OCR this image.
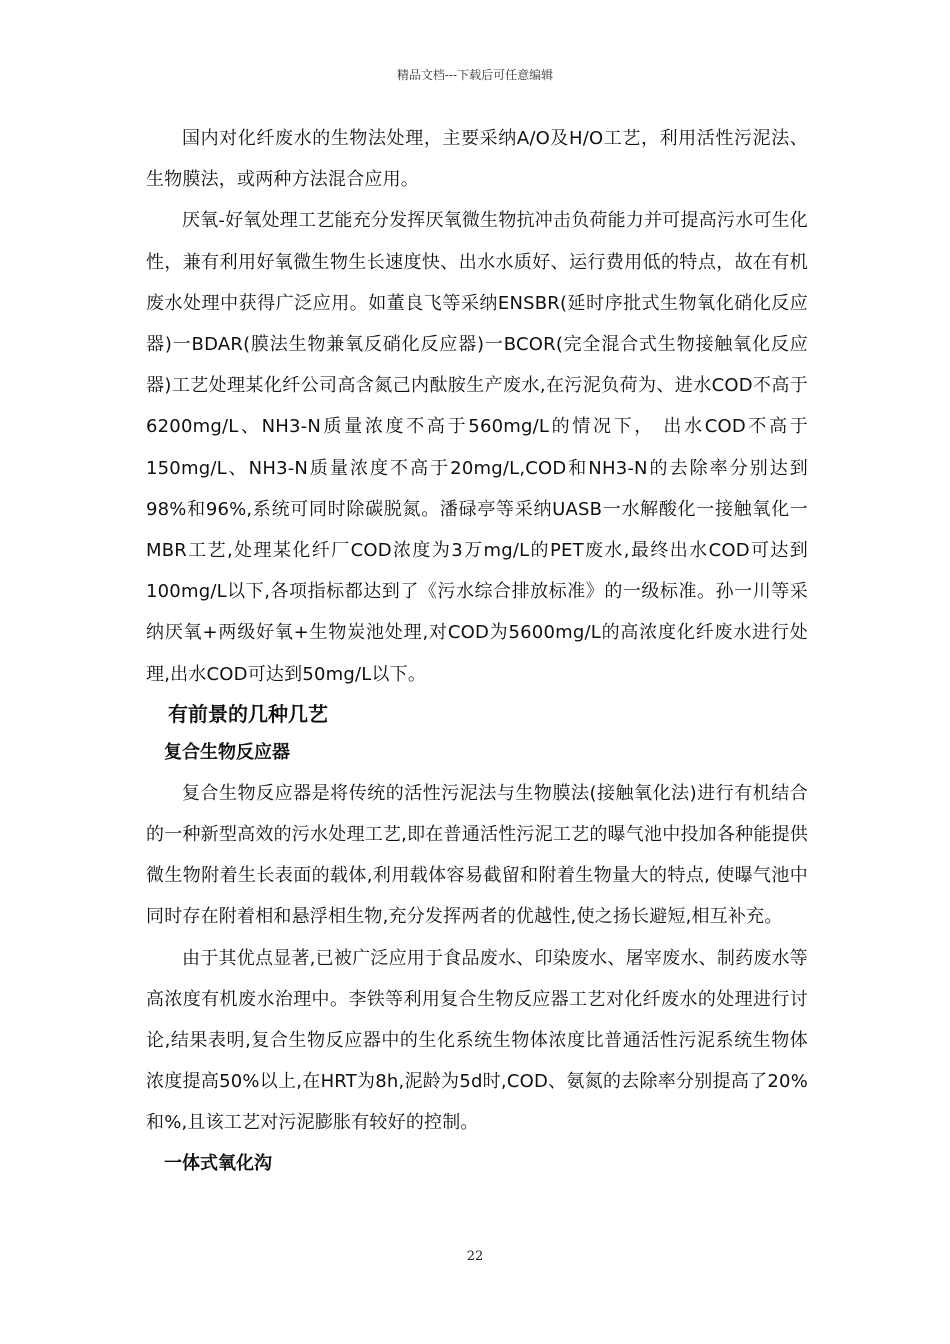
精品文档---下载后可任意编辑

国内对化纤废水的生物法处理，主要采纳A/O及H/O工艺，利用活性污泥法、生物膜法，或两种方法混合应用。

厌氧-好氧处理工艺能充分发挥厌氧微生物抗冲击负荷能力并可提高污水可生化性，兼有利用好氧微生物生长速度快、出水水质好、运行费用低的特点，故在有机废水处理中获得广泛应用。如董良飞等采纳ENSBR(延时序批式生物氧化硝化反应器)一BDAR(膜法生物兼氧反硝化反应器)一BCOR(完全混合式生物接触氧化反应器)工艺处理某化纤公司高含氮己内酞胺生产废水,在污泥负荷为、进水COD不高于6200mg/L、NH3-N质量浓度不高于560mg/L的情况下， 出水COD不高于150mg/L、NH3-N质量浓度不高于20mg/L,COD和NH3-N的去除率分别达到98%和96%,系统可同时除碳脱氮。潘碌亭等采纳UASB一水解酸化一接触氧化一MBR工艺,处理某化纤厂COD浓度为3万mg/L的PET废水,最终出水COD可达到100mg/L以下,各项指标都达到了《污水综合排放标准》的一级标准。孙一川等采纳厌氧+两级好氧+生物炭池处理,对COD为5600mg/L的高浓度化纤废水进行处理,出水COD可达到50mg/L以下。

有前景的几种几艺
复合生物反应器

复合生物反应器是将传统的活性污泥法与生物膜法(接触氧化法)进行有机结合的一种新型高效的污水处理工艺,即在普通活性污泥工艺的曝气池中投加各种能提供微生物附着生长表面的载体,利用载体容易截留和附着生物量大的特点, 使曝气池中同时存在附着相和悬浮相生物,充分发挥两者的优越性,使之扬长避短,相互补充。

由于其优点显著,已被广泛应用于食品废水、印染废水、屠宰废水、制药废水等高浓度有机废水治理中。李铁等利用复合生物反应器工艺对化纤废水的处理进行讨论,结果表明,复合生物反应器中的生化系统生物体浓度比普通活性污泥系统生物体浓度提高50%以上,在HRT为8h,泥龄为5d时,COD、氨氮的去除率分别提高了20%和%,且该工艺对污泥膨胀有较好的控制。

一体式氧化沟
22
